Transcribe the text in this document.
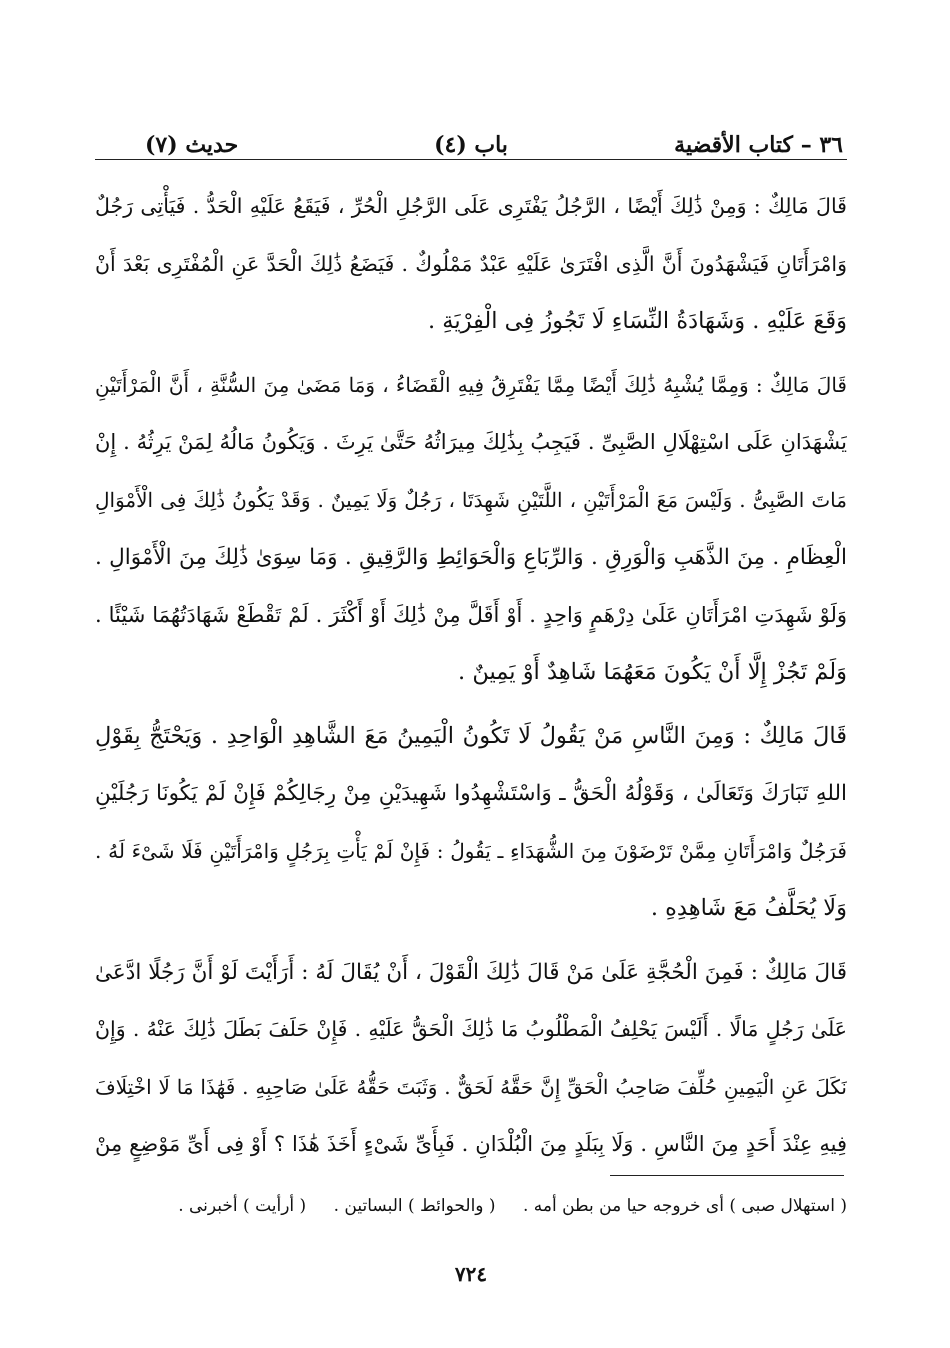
٣٦ – كتاب الأقضية
(٤) باب
(٧) حديث
قَالَ مَالِكٌ : وَمِنْ ذَٰلِكَ أَيْضًا ، الرَّجُلُ يَفْتَرِى عَلَى الرَّجُلِ الْحُرِّ ، فَيَقَعُ عَلَيْهِ الْحَدُّ . فَيَأْتِى رَجُلٌ
وَامْرَأَتَانِ فَيَشْهَدُونَ أَنَّ الَّذِى افْتَرَىٰ عَلَيْهِ عَبْدٌ مَمْلُوكٌ . فَيَضَعُ ذَٰلِكَ الْحَدَّ عَنِ الْمُفْتَرِى بَعْدَ أَنْ
وَقَعَ عَلَيْهِ . وَشَهَادَةُ النِّسَاءِ لَا تَجُوزُ فِى الْفِرْيَةِ .
قَالَ مَالِكٌ : وَمِمَّا يُشْبِهُ ذَٰلِكَ أَيْضًا مِمَّا يَفْتَرِقُ فِيهِ الْقَضَاءُ ، وَمَا مَضَىٰ مِنَ السُّنَّةِ ، أَنَّ الْمَرْأَتَيْنِ
يَشْهَدَانِ عَلَى اسْتِهْلَالِ الصَّبِىِّ . فَيَجِبُ بِذَٰلِكَ مِيرَاثُهُ حَتَّىٰ يَرِثَ . وَيَكُونُ مَالُهُ لِمَنْ يَرِثُهُ . إِنْ
مَاتَ الصَّبِىُّ . وَلَيْسَ مَعَ الْمَرْأَتَيْنِ ، اللَّتَيْنِ شَهِدَتَا ، رَجُلٌ وَلَا يَمِينٌ . وَقَدْ يَكُونُ ذَٰلِكَ فِى الْأَمْوَالِ
الْعِظَامِ . مِنَ الذَّهَبِ وَالْوَرِقِ . وَالرِّبَاعِ وَالْحَوَائِطِ وَالرَّقِيقِ . وَمَا سِوَىٰ ذَٰلِكَ مِنَ الْأَمْوَالِ .
وَلَوْ شَهِدَتِ امْرَأَتَانِ عَلَىٰ دِرْهَمٍ وَاحِدٍ . أَوْ أَقَلَّ مِنْ ذَٰلِكَ أَوْ أَكْثَرَ . لَمْ تَقْطَعْ شَهَادَتُهُمَا شَيْئًا .
وَلَمْ تَجُزْ إِلَّا أَنْ يَكُونَ مَعَهُمَا شَاهِدٌ أَوْ يَمِينٌ .
قَالَ مَالِكٌ : وَمِنَ النَّاسِ مَنْ يَقُولُ لَا تَكُونُ الْيَمِينُ مَعَ الشَّاهِدِ الْوَاحِدِ . وَيَحْتَجُّ بِقَوْلِ
اللهِ تَبَارَكَ وَتَعَالَىٰ ، وَقَوْلُهُ الْحَقُّ ـ وَاسْتَشْهِدُوا شَهِيدَيْنِ مِنْ رِجَالِكُمْ فَإِنْ لَمْ يَكُونَا رَجُلَيْنِ
فَرَجُلٌ وَامْرَأَتَانِ مِمَّنْ تَرْضَوْنَ مِنَ الشُّهَدَاءِ ـ يَقُولُ : فَإِنْ لَمْ يَأْتِ بِرَجُلٍ وَامْرَأَتَيْنِ فَلَا شَىْءَ لَهُ .
وَلَا يُحَلَّفُ مَعَ شَاهِدِهِ .
قَالَ مَالِكٌ : فَمِنَ الْحُجَّةِ عَلَىٰ مَنْ قَالَ ذَٰلِكَ الْقَوْلَ ، أَنْ يُقَالَ لَهُ : أَرَأَيْتَ لَوْ أَنَّ رَجُلًا ادَّعَىٰ
عَلَىٰ رَجُلٍ مَالًا . أَلَيْسَ يَحْلِفُ الْمَطْلُوبُ مَا ذَٰلِكَ الْحَقُّ عَلَيْهِ . فَإِنْ حَلَفَ بَطَلَ ذَٰلِكَ عَنْهُ . وَإِنْ
نَكَلَ عَنِ الْيَمِينِ حُلِّفَ صَاحِبُ الْحَقِّ إِنَّ حَقَّهُ لَحَقٌّ . وَثَبَتَ حَقُّهُ عَلَىٰ صَاحِبِهِ . فَهَٰذَا مَا لَا اخْتِلَافَ
فِيهِ عِنْدَ أَحَدٍ مِنَ النَّاسِ . وَلَا بِبَلَدٍ مِنَ الْبُلْدَانِ . فَبِأَىِّ شَىْءٍ أَخَذَ هَٰذَا ؟ أَوْ فِى أَىِّ مَوْضِعٍ مِنْ
( استهلال صبى ) أى خروجه حيا من بطن أمه . ( والحوائط ) البساتين . ( أرأيت ) أخبرنى .
٧٢٤
